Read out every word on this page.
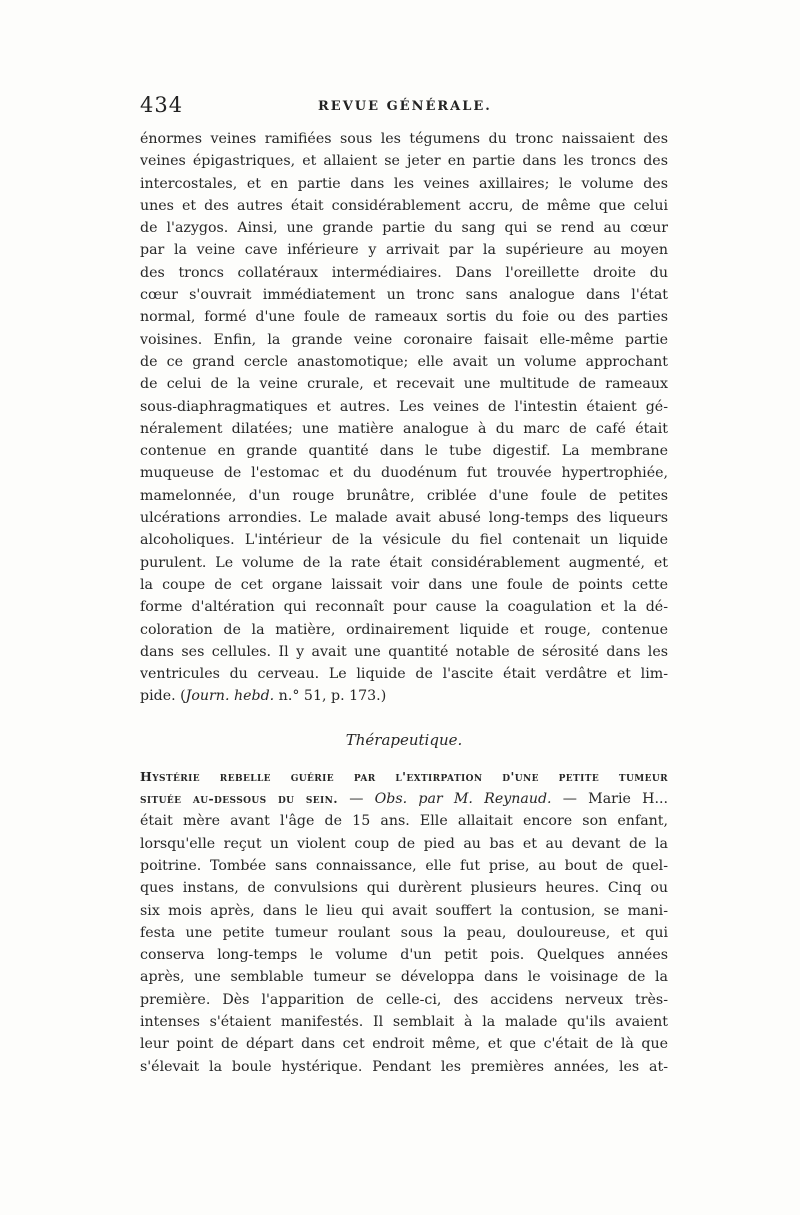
434	REVUE GÉNÉRALE.
énormes veines ramifiées sous les tégumens du tronc naissaient des
veines épigastriques, et allaient se jeter en partie dans les troncs des
intercostales, et en partie dans les veines axillaires; le volume des
unes et des autres était considérablement accru, de même que celui
de l'azygos. Ainsi, une grande partie du sang qui se rend au cœur
par la veine cave inférieure y arrivait par la supérieure au moyen
des troncs collatéraux intermédiaires. Dans l'oreillette droite du
cœur s'ouvrait immédiatement un tronc sans analogue dans l'état
normal, formé d'une foule de rameaux sortis du foie ou des parties
voisines. Enfin, la grande veine coronaire faisait elle-même partie
de ce grand cercle anastomotique; elle avait un volume approchant
de celui de la veine crurale, et recevait une multitude de rameaux
sous-diaphragmatiques et autres. Les veines de l'intestin étaient gé-
néralement dilatées; une matière analogue à du marc de café était
contenue en grande quantité dans le tube digestif. La membrane
muqueuse de l'estomac et du duodénum fut trouvée hypertrophiée,
mamelonnée, d'un rouge brunâtre, criblée d'une foule de petites
ulcérations arrondies. Le malade avait abusé long-temps des liqueurs
alcoholiques. L'intérieur de la vésicule du fiel contenait un liquide
purulent. Le volume de la rate était considérablement augmenté, et
la coupe de cet organe laissait voir dans une foule de points cette
forme d'altération qui reconnaît pour cause la coagulation et la dé-
coloration de la matière, ordinairement liquide et rouge, contenue
dans ses cellules. Il y avait une quantité notable de sérosité dans les
ventricules du cerveau. Le liquide de l'ascite était verdâtre et lim-
pide. (Journ. hebd. n.° 51, p. 173.)
Thérapeutique.
Hystérie rebelle guérie par l'extirpation d'une petite tumeur
située au-dessous du sein. — Obs. par M. Reynaud. — Marie H...
était mère avant l'âge de 15 ans. Elle allaitait encore son enfant,
lorsqu'elle reçut un violent coup de pied au bas et au devant de la
poitrine. Tombée sans connaissance, elle fut prise, au bout de quel-
ques instans, de convulsions qui durèrent plusieurs heures. Cinq ou
six mois après, dans le lieu qui avait souffert la contusion, se mani-
festa une petite tumeur roulant sous la peau, douloureuse, et qui
conserva long-temps le volume d'un petit pois. Quelques années
après, une semblable tumeur se développa dans le voisinage de la
première. Dès l'apparition de celle-ci, des accidens nerveux très-
intenses s'étaient manifestés. Il semblait à la malade qu'ils avaient
leur point de départ dans cet endroit même, et que c'était de là que
s'élevait la boule hystérique. Pendant les premières années, les at-
